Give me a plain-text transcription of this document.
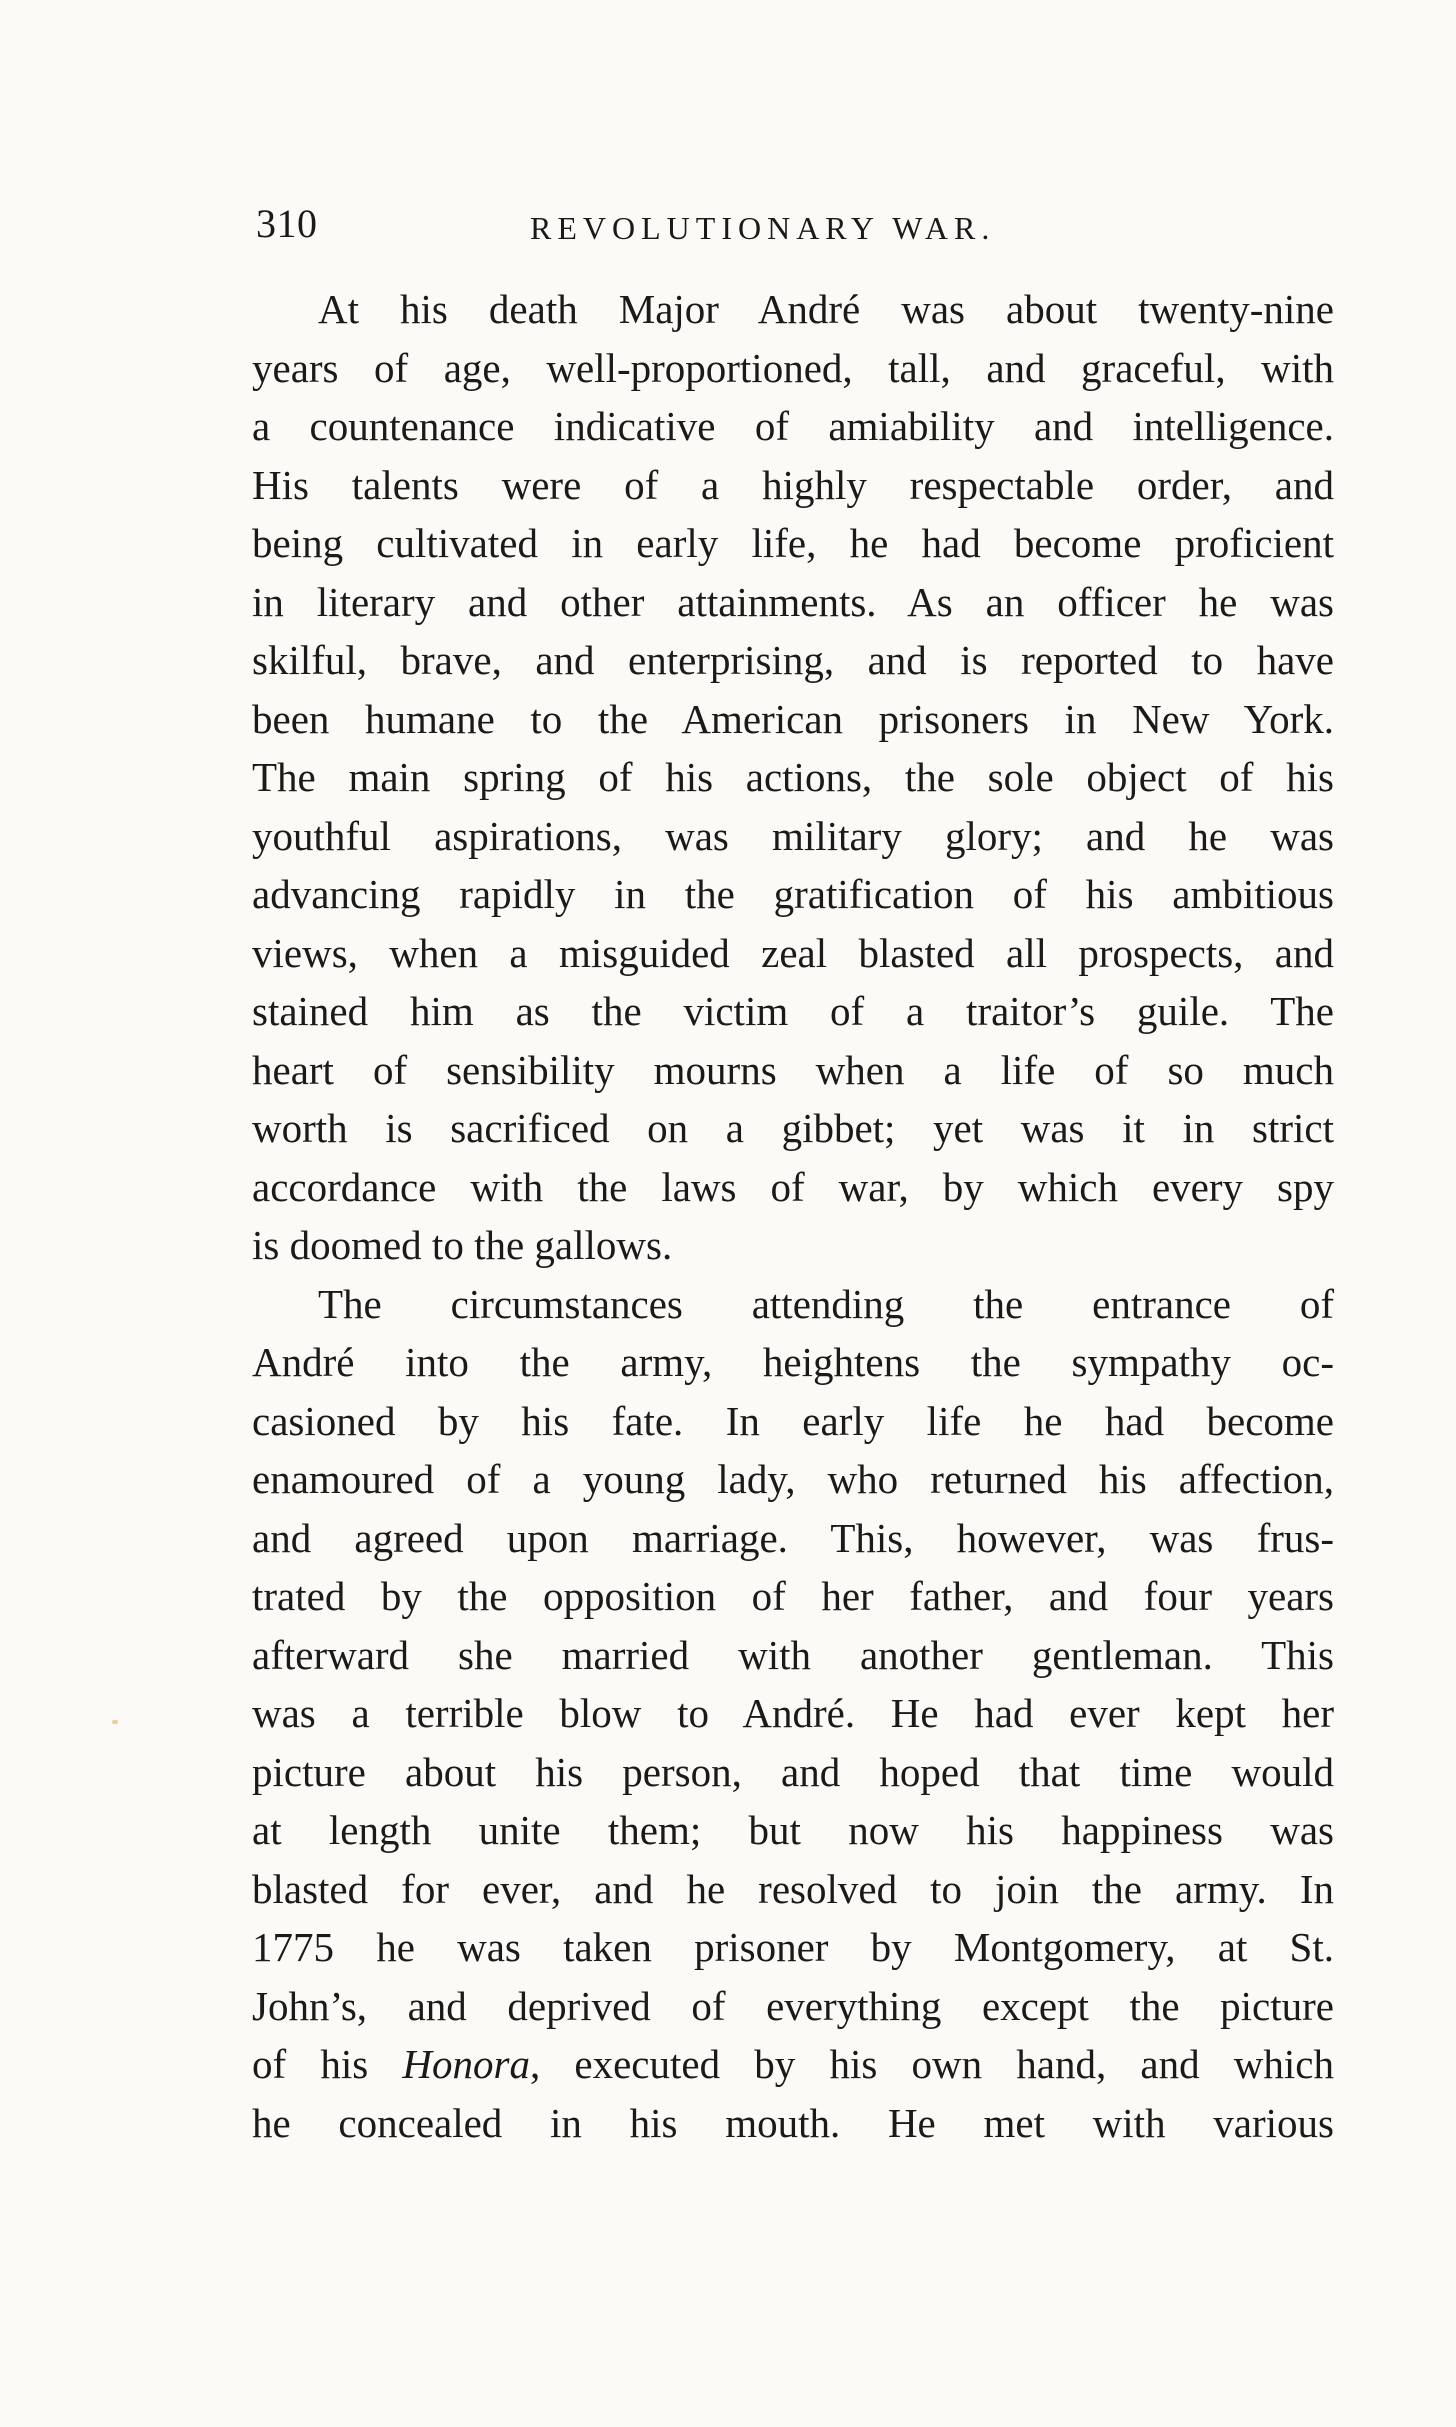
310	REVOLUTIONARY WAR.
At his death Major André was about twenty-nine
years of age, well-proportioned, tall, and graceful, with
a countenance indicative of amiability and intelligence.
His talents were of a highly respectable order, and
being cultivated in early life, he had become proficient
in literary and other attainments. As an officer he was
skilful, brave, and enterprising, and is reported to have
been humane to the American prisoners in New York.
The main spring of his actions, the sole object of his
youthful aspirations, was military glory; and he was
advancing rapidly in the gratification of his ambitious
views, when a misguided zeal blasted all prospects, and
stained him as the victim of a traitor’s guile. The
heart of sensibility mourns when a life of so much
worth is sacrificed on a gibbet; yet was it in strict
accordance with the laws of war, by which every spy
is doomed to the gallows.
The circumstances attending the entrance of
André into the army, heightens the sympathy oc-
casioned by his fate. In early life he had become
enamoured of a young lady, who returned his affection,
and agreed upon marriage. This, however, was frus-
trated by the opposition of her father, and four years
afterward she married with another gentleman. This
was a terrible blow to André. He had ever kept her
picture about his person, and hoped that time would
at length unite them; but now his happiness was
blasted for ever, and he resolved to join the army. In
1775 he was taken prisoner by Montgomery, at St.
John’s, and deprived of everything except the picture
of his Honora, executed by his own hand, and which
he concealed in his mouth. He met with various
